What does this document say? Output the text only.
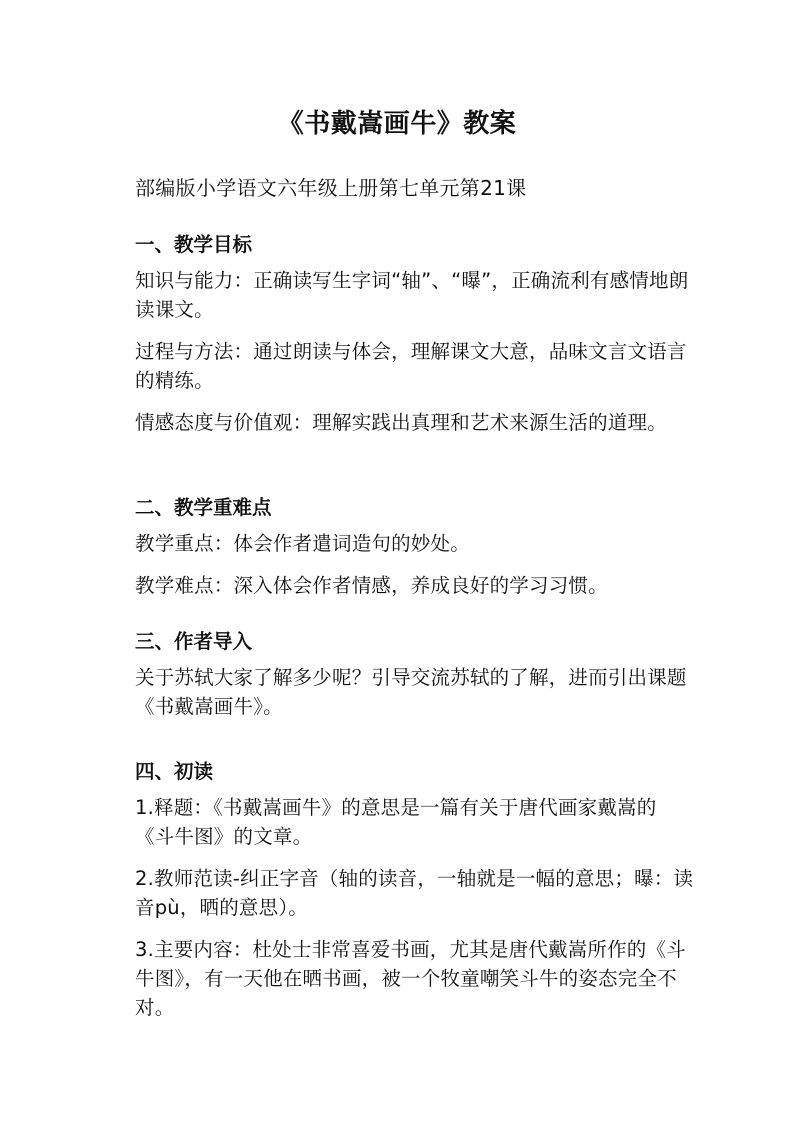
《书戴嵩画牛》教案
部编版小学语文六年级上册第七单元第21课

一、教学目标

知识与能力：正确读写生字词“轴”、“曝”，正确流利有感情地朗读课文。

过程与方法：通过朗读与体会，理解课文大意，品味文言文语言的精练。

情感态度与价值观：理解实践出真理和艺术来源生活的道理。

二、教学重难点

教学重点：体会作者遣词造句的妙处。

教学难点：深入体会作者情感，养成良好的学习习惯。

三、作者导入

关于苏轼大家了解多少呢？引导交流苏轼的了解，进而引出课题《书戴嵩画牛》。

四、初读

1.释题：《书戴嵩画牛》的意思是一篇有关于唐代画家戴嵩的《斗牛图》的文章。

2.教师范读-纠正字音（轴的读音，一轴就是一幅的意思；曝：读音pù，晒的意思）。

3.主要内容：杜处士非常喜爱书画，尤其是唐代戴嵩所作的《斗牛图》，有一天他在晒书画，被一个牧童嘲笑斗牛的姿态完全不对。
